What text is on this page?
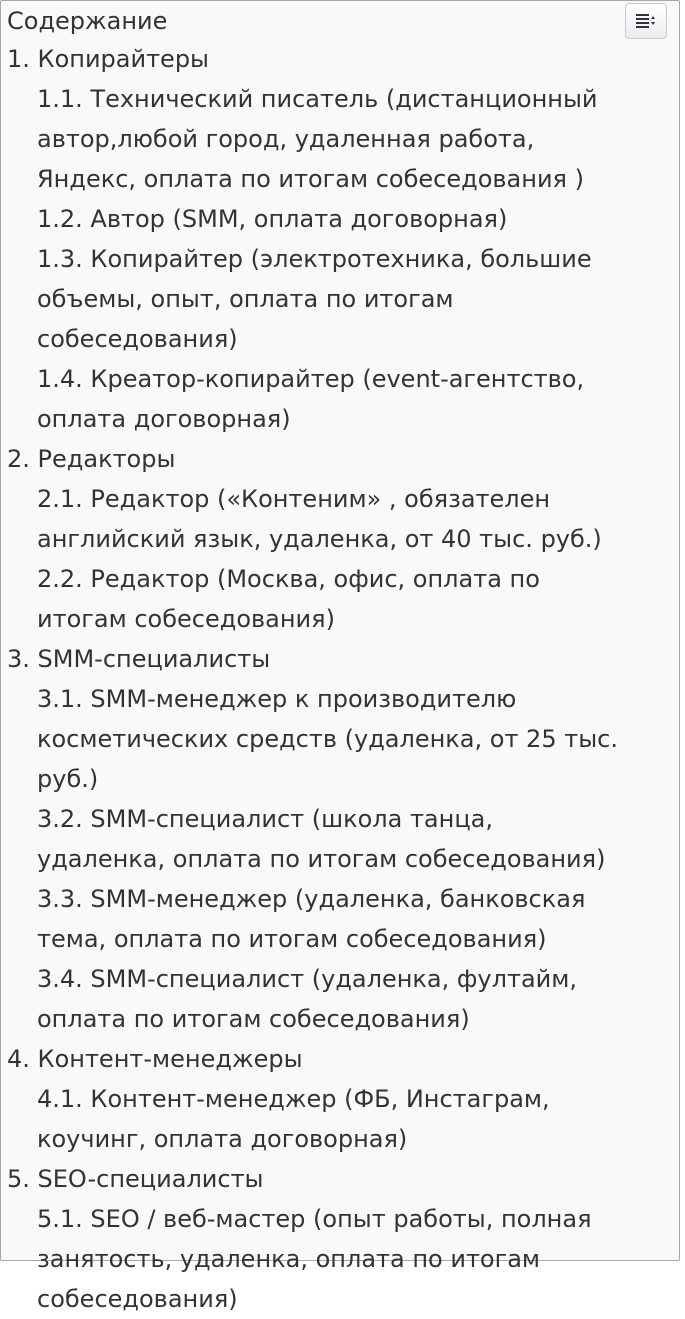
Содержание
1. Копирайтеры
1.1. Технический писатель (дистанционный автор,любой город, удаленная работа, Яндекс, оплата по итогам собеседования )
1.2. Автор (SMM, оплата договорная)
1.3. Копирайтер (электротехника, большие объемы, опыт, оплата по итогам собеседования)
1.4. Креатор-копирайтер (event-агентство, оплата договорная)
2. Редакторы
2.1. Редактор («Контеним» , обязателен английский язык, удаленка, от 40 тыс. руб.)
2.2. Редактор (Москва, офис, оплата по итогам собеседования)
3. SMM-специалисты
3.1. SMM-менеджер к производителю косметических средств (удаленка, от 25 тыс. руб.)
3.2. SMM-специалист (школа танца, удаленка, оплата по итогам собеседования)
3.3. SMM-менеджер (удаленка, банковская тема, оплата по итогам собеседования)
3.4. SMM-специалист (удаленка, фултайм, оплата по итогам собеседования)
4. Контент-менеджеры
4.1. Контент-менеджер (ФБ, Инстаграм, коучинг, оплата договорная)
5. SEO-специалисты
5.1. SEO / веб-мастер (опыт работы, полная занятость, удаленка, оплата по итогам собеседования)
